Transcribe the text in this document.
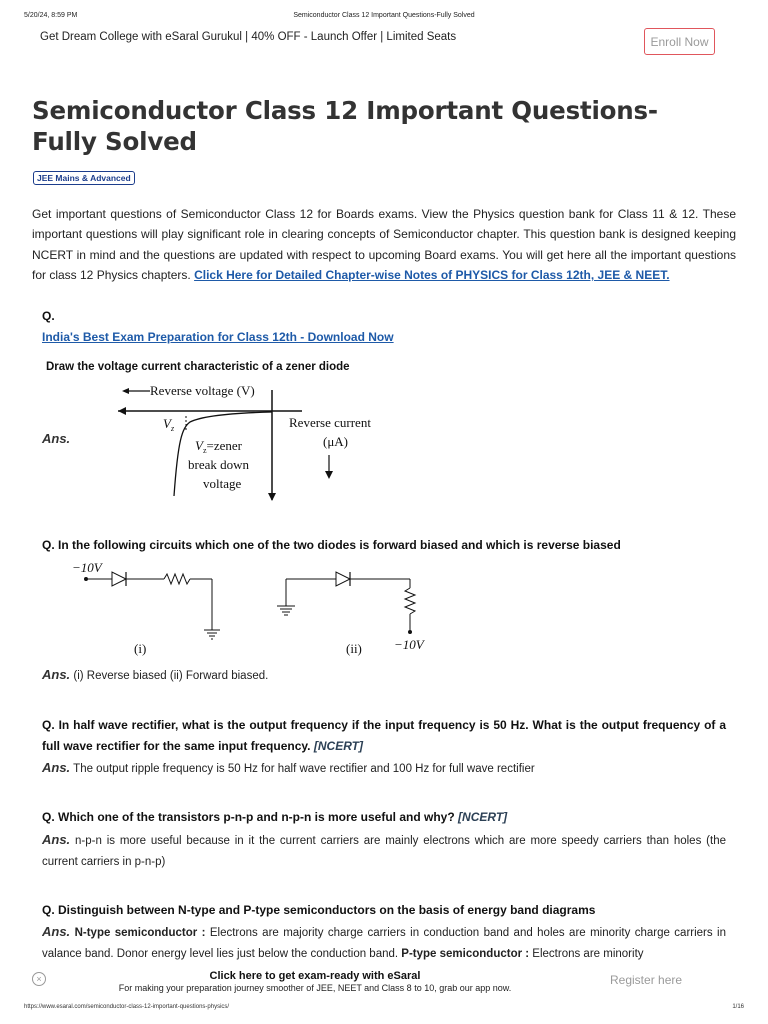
5/20/24, 8:59 PM	Semiconductor Class 12 Important Questions-Fully Solved
Get Dream College with eSaral Gurukul | 40% OFF - Launch Offer | Limited Seats	Enroll Now
Semiconductor Class 12 Important Questions-Fully Solved
JEE Mains & Advanced

Get important questions of Semiconductor Class 12 for Boards exams. View the Physics question bank for Class 11 & 12. These important questions will play significant role in clearing concepts of Semiconductor chapter. This question bank is designed keeping NCERT in mind and the questions are updated with respect to upcoming Board exams. You will get here all the important questions for class 12 Physics chapters. Click Here for Detailed Chapter-wise Notes of PHYSICS for Class 12th, JEE & NEET.

Q.
India's Best Exam Preparation for Class 12th - Download Now
Draw the voltage current characteristic of a zener diode
Ans.
Reverse voltage (V)
$V_z$
$V_z=zener$
break down
voltage
Reverse current
(μA)
Q. In the following circuits which one of the two diodes is forward biased and which is reverse biased
−10V
(i)	−10V
(ii)
Ans. (i) Reverse biased (ii) Forward biased.
Q. In half wave rectifier, what is the output frequency if the input frequency is 50 Hz. What is the output frequency of a full wave rectifier for the same input frequency. [NCERT]
Ans. The output ripple frequency is 50 Hz for half wave rectifier and 100 Hz for full wave rectifier
Q. Which one of the transistors p-n-p and n-p-n is more useful and why? [NCERT]
Ans. n-p-n is more useful because in it the current carriers are mainly electrons which are more speedy carriers than holes (the current carriers in p-n-p)
Q. Distinguish between N-type and P-type semiconductors on the basis of energy band diagrams
Ans. N-type semiconductor : Electrons are majority charge carriers in conduction band and holes are minority charge carriers in valance band. Donor energy level lies just below the conduction band. P-type semiconductor : Electrons are minority
×	Click here to get exam-ready with eSaral
For making your preparation journey smoother of JEE, NEET and Class 8 to 10, grab our app now.
Register here
https://www.esaral.com/semiconductor-class-12-important-questions-physics/	1/16
